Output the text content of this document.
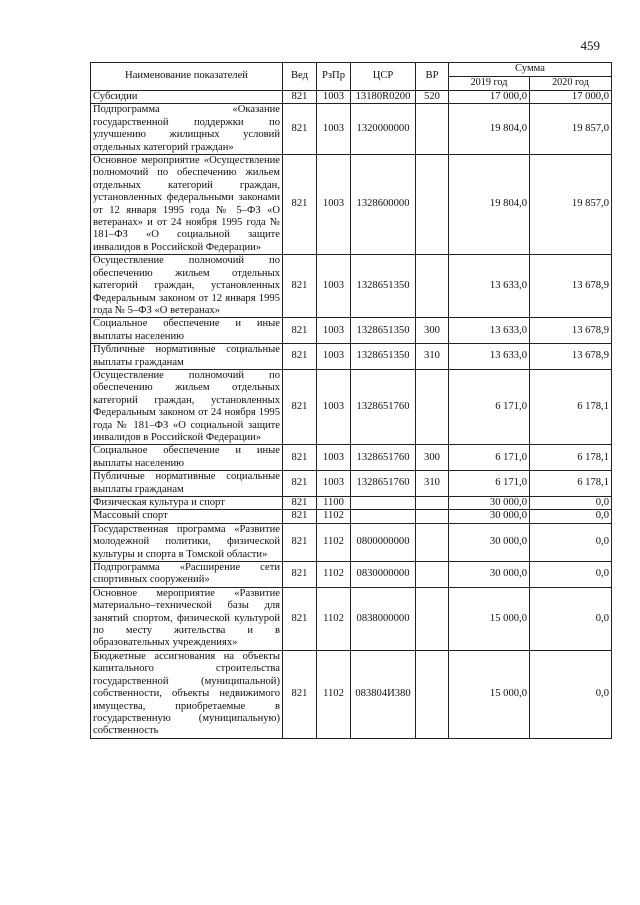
459
Наименование показателей	Вед	РзПр	ЦСР	ВР	Сумма	
					2019 год	2020 год
Субсидии	821	1003	13180R0200	520	17 000,0	17 000,0
Подпрограмма «Оказание государственной поддержки по улучшению жилищных условий отдельных категорий граждан»	821	1003	1320000000		19 804,0	19 857,0
Основное мероприятие «Осуществление полномочий по обеспечению жильем отдельных категорий граждан, установленных федеральными законами от 12 января 1995 года № 5–ФЗ «О ветеранах» и от 24 ноября 1995 года № 181–ФЗ «О социальной защите инвалидов в Российской Федерации»	821	1003	1328600000		19 804,0	19 857,0
Осуществление полномочий по обеспечению жильем отдельных категорий граждан, установленных Федеральным законом от 12 января 1995 года № 5–ФЗ «О ветеранах»	821	1003	1328651350		13 633,0	13 678,9
Социальное обеспечение и иные выплаты населению	821	1003	1328651350	300	13 633,0	13 678,9
Публичные нормативные социальные выплаты гражданам	821	1003	1328651350	310	13 633,0	13 678,9
Осуществление полномочий по обеспечению жильем отдельных категорий граждан, установленных Федеральным законом от 24 ноября 1995 года № 181–ФЗ «О социальной защите инвалидов в Российской Федерации»	821	1003	1328651760		6 171,0	6 178,1
Социальное обеспечение и иные выплаты населению	821	1003	1328651760	300	6 171,0	6 178,1
Публичные нормативные социальные выплаты гражданам	821	1003	1328651760	310	6 171,0	6 178,1
Физическая культура и спорт	821	1100			30 000,0	0,0
Массовый спорт	821	1102			30 000,0	0,0
Государственная программа «Развитие молодежной политики, физической культуры и спорта в Томской области»	821	1102	0800000000		30 000,0	0,0
Подпрограмма «Расширение сети спортивных сооружений»	821	1102	0830000000		30 000,0	0,0
Основное мероприятие «Развитие материально–технической базы для занятий спортом, физической культурой по месту жительства и в образовательных учреждениях»	821	1102	0838000000		15 000,0	0,0
Бюджетные ассигнования на объекты капитального строительства государственной (муниципальной) собственности, объекты недвижимого имущества, приобретаемые в государственную (муниципальную) собственность	821	1102	083804И380		15 000,0	0,0
